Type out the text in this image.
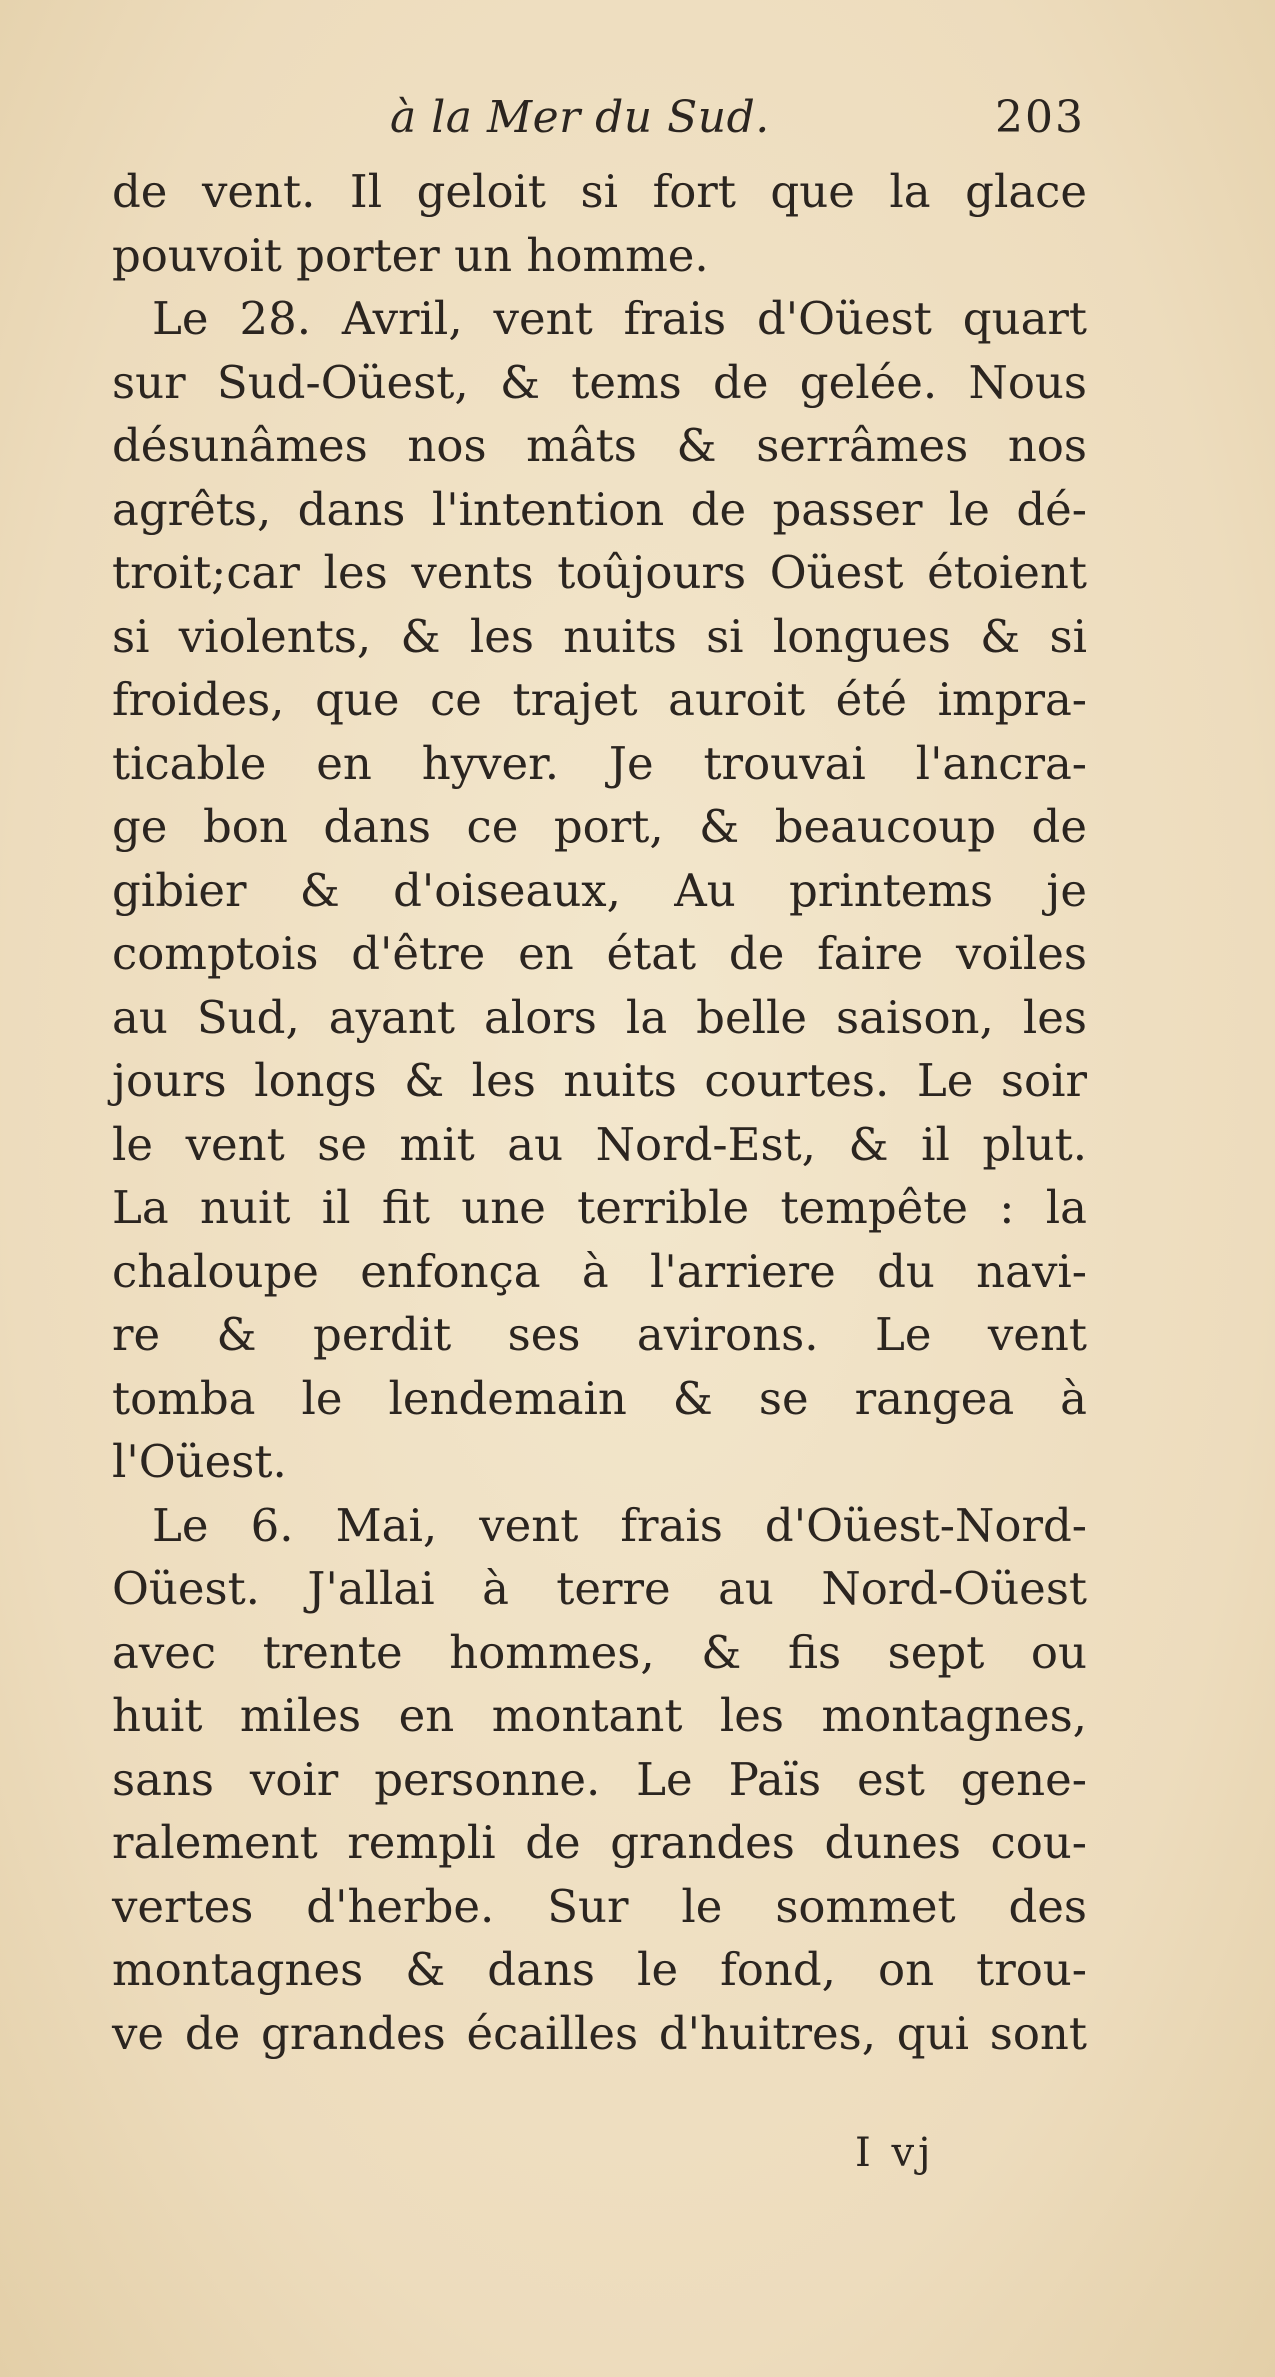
à la Mer du Sud.	203
de vent. Il geloit si fort que la glace
pouvoit porter un homme.
Le 28. Avril, vent frais d'Oüest quart
sur Sud-Oüest, & tems de gelée. Nous
désunâmes nos mâts & serrâmes nos
agrêts, dans l'intention de passer le dé-
troit;car les vents toûjours Oüest étoient
si violents, & les nuits si longues & si
froides, que ce trajet auroit été impra-
ticable en hyver. Je trouvai l'ancra-
ge bon dans ce port, & beaucoup de
gibier & d'oiseaux, Au printems je
comptois d'être en état de faire voiles
au Sud, ayant alors la belle saison, les
jours longs & les nuits courtes. Le soir
le vent se mit au Nord-Est, & il plut.
La nuit il fit une terrible tempête : la
chaloupe enfonça à l'arriere du navi-
re & perdit ses avirons. Le vent
tomba le lendemain & se rangea à
l'Oüest.
Le 6. Mai, vent frais d'Oüest-Nord-
Oüest. J'allai à terre au Nord-Oüest
avec trente hommes, & fis sept ou
huit miles en montant les montagnes,
sans voir personne. Le Païs est gene-
ralement rempli de grandes dunes cou-
vertes d'herbe. Sur le sommet des
montagnes & dans le fond, on trou-
ve de grandes écailles d'huitres, qui sont
I vj
